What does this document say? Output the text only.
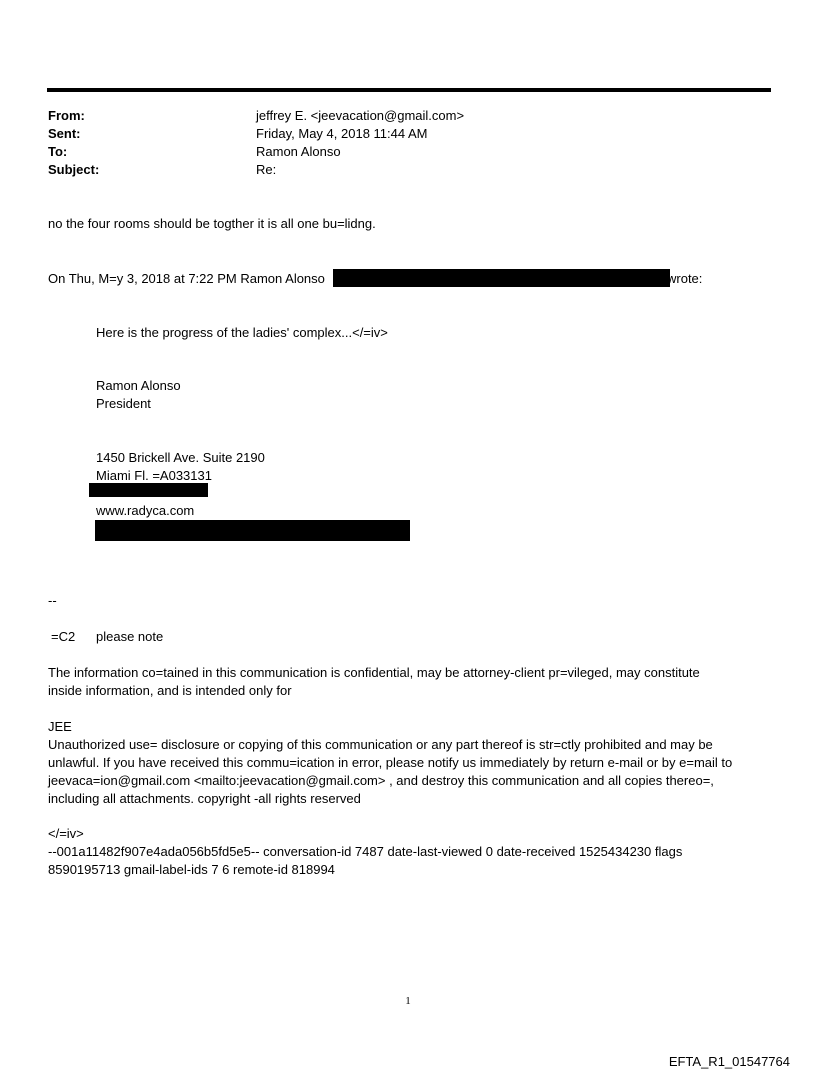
From:	jeffrey E. <jeevacation@gmail.com>
Sent:	Friday, May 4, 2018 11:44 AM
To:	Ramon Alonso
Subject:	Re:
no the four rooms should be togther it is all one bu=lidng.
On Thu, M=y 3, 2018 at 7:22 PM Ramon Alonso	wrote:
Here is the progress of the ladies' complex...</=iv>
Ramon Alonso
President
1450 Brickell Ave. Suite 2190
Miami Fl. =A033131
www.radyca.com
--
=C2 please note
The information co=tained in this communication is confidential, may be attorney-client pr=vileged, may constitute
inside information, and is intended only for
JEE
Unauthorized use= disclosure or copying of this communication or any part thereof is str=ctly prohibited and may be
unlawful. If you have received this commu=ication in error, please notify us immediately by return e-mail or by e=mail to
jeevaca=ion@gmail.com <mailto:jeevacation@gmail.com> , and destroy this communication and all copies thereo=,
including all attachments. copyright -all rights reserved
</=iv>
--001a11482f907e4ada056b5fd5e5-- conversation-id 7487 date-last-viewed 0 date-received 1525434230 flags
8590195713 gmail-label-ids 7 6 remote-id 818994
1
EFTA_R1_01547764
